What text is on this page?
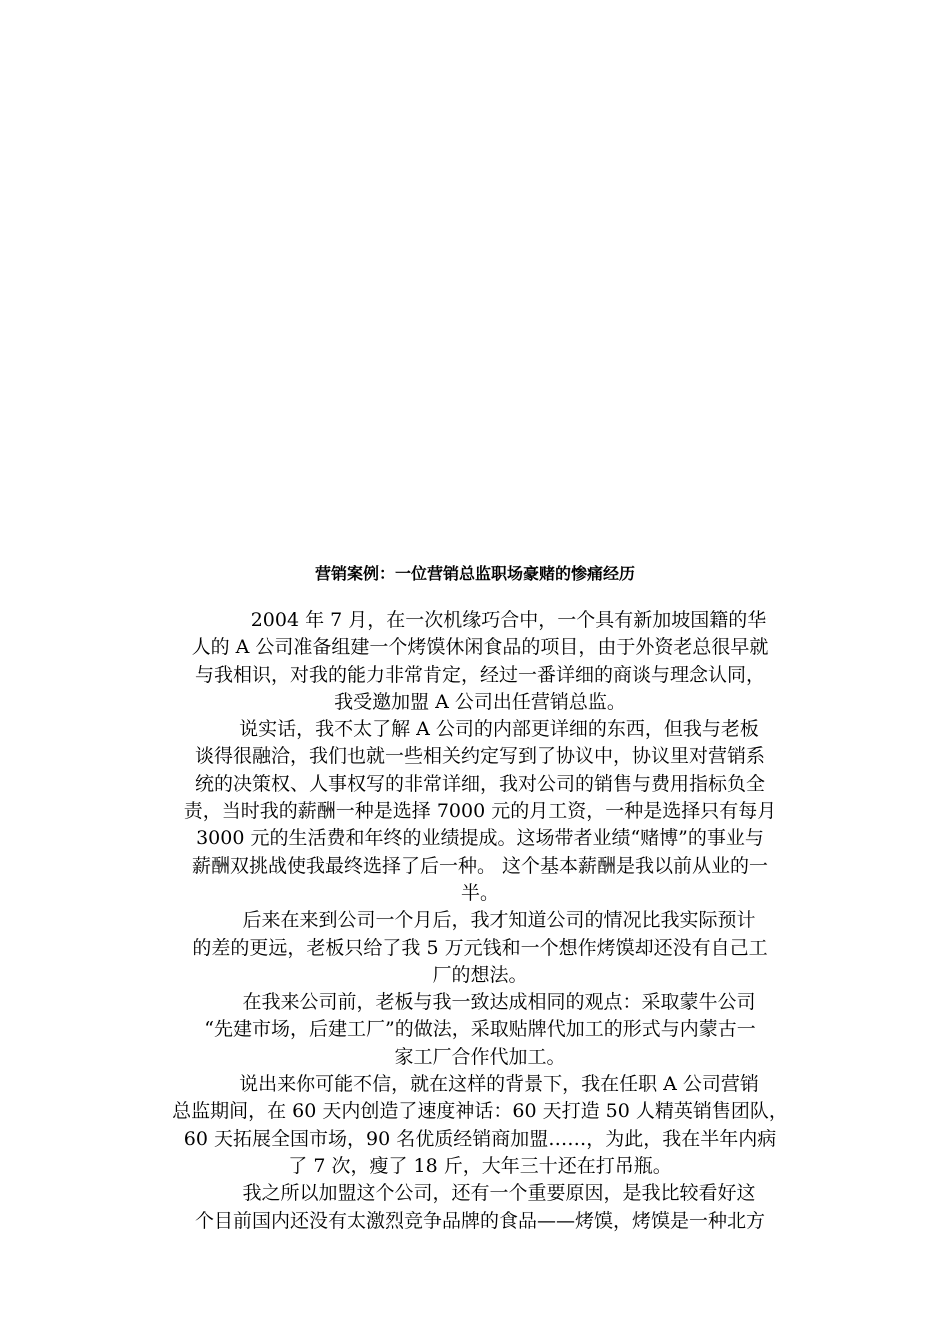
营销案例：一位营销总监职场豪赌的惨痛经历
　　　2004 年 7 月，在一次机缘巧合中，一个具有新加坡国籍的华
人的 A 公司准备组建一个烤馍休闲食品的项目，由于外资老总很早就
与我相识，对我的能力非常肯定，经过一番详细的商谈与理念认同，
我受邀加盟 A 公司出任营销总监。
　　说实话，我不太了解 A 公司的内部更详细的东西，但我与老板
谈得很融洽，我们也就一些相关约定写到了协议中，协议里对营销系
统的决策权、人事权写的非常详细，我对公司的销售与费用指标负全
责，当时我的薪酬一种是选择 7000 元的月工资，一种是选择只有每月
3000 元的生活费和年终的业绩提成。这场带者业绩“赌博”的事业与
薪酬双挑战使我最终选择了后一种。 这个基本薪酬是我以前从业的一
半。
　　后来在来到公司一个月后，我才知道公司的情况比我实际预计
的差的更远，老板只给了我 5 万元钱和一个想作烤馍却还没有自己工
厂的想法。
　　在我来公司前，老板与我一致达成相同的观点：采取蒙牛公司
“先建市场，后建工厂”的做法，采取贴牌代加工的形式与内蒙古一
家工厂合作代加工。
　　说出来你可能不信，就在这样的背景下，我在任职 A 公司营销
总监期间，在 60 天内创造了速度神话：60 天打造 50 人精英销售团队，
60 天拓展全国市场，90 名优质经销商加盟……，为此，我在半年内病
了 7 次，瘦了 18 斤，大年三十还在打吊瓶。
　　我之所以加盟这个公司，还有一个重要原因，是我比较看好这
个目前国内还没有太激烈竞争品牌的食品——烤馍，烤馍是一种北方
